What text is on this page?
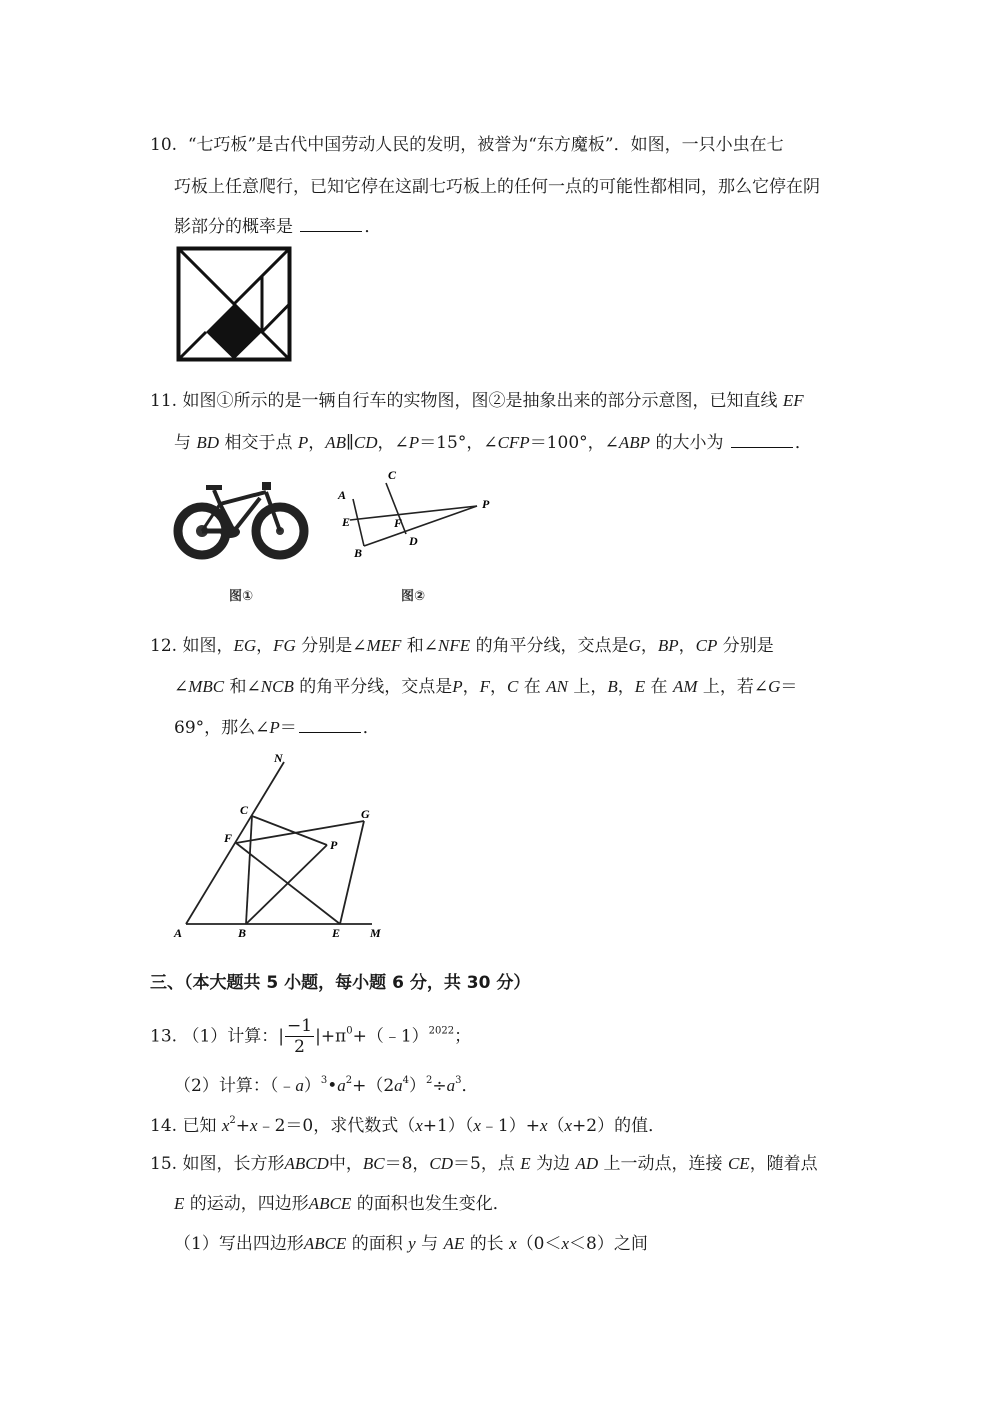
10. “七巧板”是古代中国劳动人民的发明，被誉为“东方魔板”．如图，一只小虫在七
巧板上任意爬行，已知它停在这副七巧板上的任何一点的可能性都相同，那么它停在阴
影部分的概率是	．
11. 如图①所示的是一辆自行车的实物图，图②是抽象出来的部分示意图，已知直线 EF
与 BD 相交于点 P，AB∥CD，∠P＝15°，∠CFP＝100°，∠ABP 的大小为	．
A
E
B
C
F
D
P
图①	图②
12. 如图，EG，FG 分别是∠MEF 和∠NFE 的角平分线，交点是G，BP，CP 分别是
∠MBC 和∠NCB 的角平分线，交点是P，F，C 在 AN 上，B，E 在 AM 上，若∠G＝
69°，那么∠P＝	．
N
C	G
F	P
A	B	E M
三、（本大题共 5 小题，每小题 6 分，共 30 分）
13. （1）计算：| $\frac{-1}{2}$ $|+\pi^0+(﹣1)^{2022}$；
（2）计算：$(﹣a)^3•a^2+(2a^4)^2\div a^3$．
14. 已知 $x^2+x﹣2=0$，求代数式（x+1）（x﹣1）+x（x+2）的值．
15. 如图，长方形ABCD中，BC＝8，CD＝5，点 E 为边 AD 上一动点，连接 CE，随着点
E 的运动，四边形ABCE 的面积也发生变化．
（1）写出四边形ABCE 的面积 y 与 AE 的长 x（0＜x＜8）之间
